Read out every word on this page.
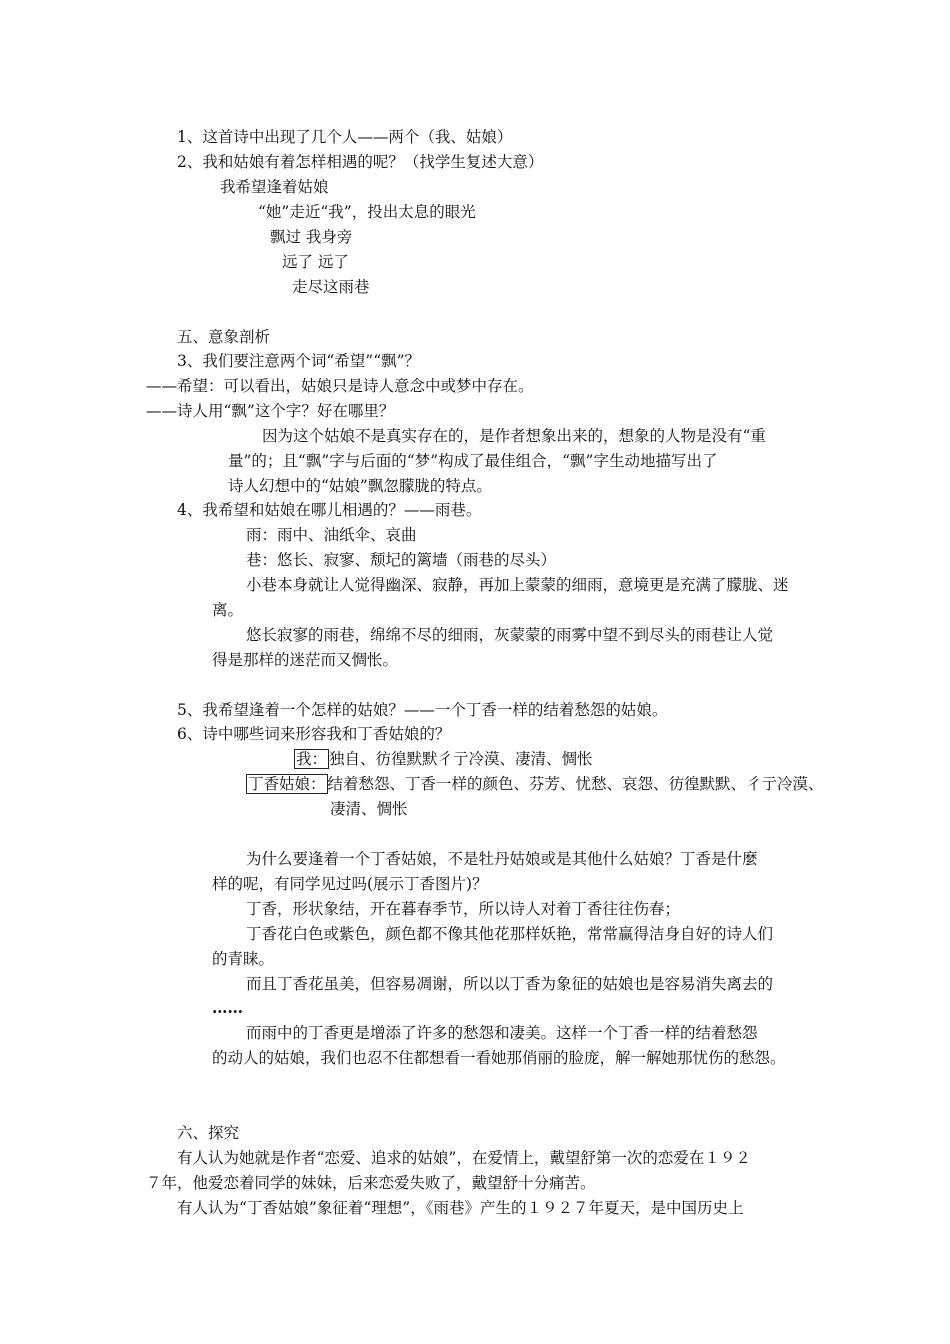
1、这首诗中出现了几个人——两个（我、姑娘）
2、我和姑娘有着怎样相遇的呢？（找学生复述大意）
我希望逢着姑娘
“她”走近“我”，投出太息的眼光
飘过 我身旁
远了 远了
走尽这雨巷
五、意象剖析
3、我们要注意两个词“希望”“飘”？
——希望：可以看出，姑娘只是诗人意念中或梦中存在。
——诗人用“飘”这个字？好在哪里？
因为这个姑娘不是真实存在的，是作者想象出来的，想象的人物是没有“重
量”的；且“飘”字与后面的“梦”构成了最佳组合，“飘”字生动地描写出了
诗人幻想中的“姑娘”飘忽朦胧的特点。
4、我希望和姑娘在哪儿相遇的？——雨巷。
雨：雨中、油纸伞、哀曲
巷：悠长、寂寥、颓圮的篱墙（雨巷的尽头）
小巷本身就让人觉得幽深、寂静，再加上蒙蒙的细雨，意境更是充满了朦胧、迷
离。
悠长寂寥的雨巷，绵绵不尽的细雨，灰蒙蒙的雨雾中望不到尽头的雨巷让人觉
得是那样的迷茫而又惆怅。
5、我希望逢着一个怎样的姑娘？——一个丁香一样的结着愁怨的姑娘。
6、诗中哪些词来形容我和丁香姑娘的？
我： 独自、彷徨默默彳亍冷漠、凄清、惆怅
丁香姑娘： 结着愁怨、丁香一样的颜色、芬芳、忧愁、哀怨、彷徨默默、彳亍冷漠、
凄清、惆怅
为什么要逢着一个丁香姑娘，不是牡丹姑娘或是其他什么姑娘？丁香是什麼
样的呢，有同学见过吗(展示丁香图片)？
丁香，形状象结，开在暮春季节，所以诗人对着丁香往往伤春；
丁香花白色或紫色，颜色都不像其他花那样妖艳，常常赢得洁身自好的诗人们
的青睐。
而且丁香花虽美，但容易凋谢，所以以丁香为象征的姑娘也是容易消失离去的
……
而雨中的丁香更是增添了许多的愁怨和凄美。这样一个丁香一样的结着愁怨
的动人的姑娘，我们也忍不住都想看一看她那俏丽的脸庞，解一解她那忧伤的愁怨。
六、探究
有人认为她就是作者“恋爱、追求的姑娘”，在爱情上，戴望舒第一次的恋爱在１９２
７年，他爱恋着同学的妹妹，后来恋爱失败了，戴望舒十分痛苦。
有人认为“丁香姑娘”象征着“理想”，《雨巷》产生的１９２７年夏天，是中国历史上
